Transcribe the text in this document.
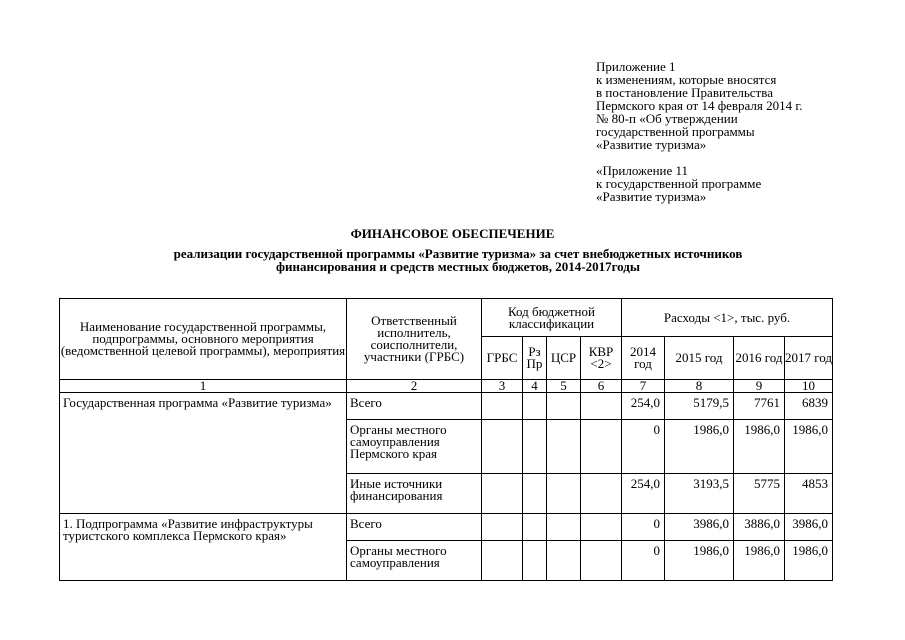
Приложение 1
к изменениям, которые вносятся
в постановление Правительства
Пермского края от 14 февраля 2014 г.
№ 80-п «Об утверждении
государственной программы
«Развитие туризма»
«Приложение 11
к государственной программе
«Развитие туризма»
ФИНАНСОВОЕ ОБЕСПЕЧЕНИЕ
реализации государственной программы «Развитие туризма» за счет внебюджетных источников
финансирования и средств местных бюджетов, 2014-2017годы
Наименование государственной программы, подпрограммы, основного мероприятия (ведомственной целевой программы), мероприятия	Ответственный исполнитель, соисполнители, участники (ГРБС)	Код бюджетной классификации				Расходы <1>, тыс. руб.			
		ГРБС	Рз Пр	ЦСР	КВР <2>	2014 год	2015 год	2016 год	2017 год
1	2	3	4	5	6	7	8	9	10
Государственная программа «Развитие туризма»	Всего					254,0	5179,5	7761	6839
	Органы местного самоуправления Пермского края					0	1986,0	1986,0	1986,0
	Иные источники финансирования					254,0	3193,5	5775	4853
1. Подпрограмма «Развитие инфраструктуры туристского комплекса Пермского края»	Всего					0	3986,0	3886,0	3986,0
	Органы местного самоуправления					0	1986,0	1986,0	1986,0
